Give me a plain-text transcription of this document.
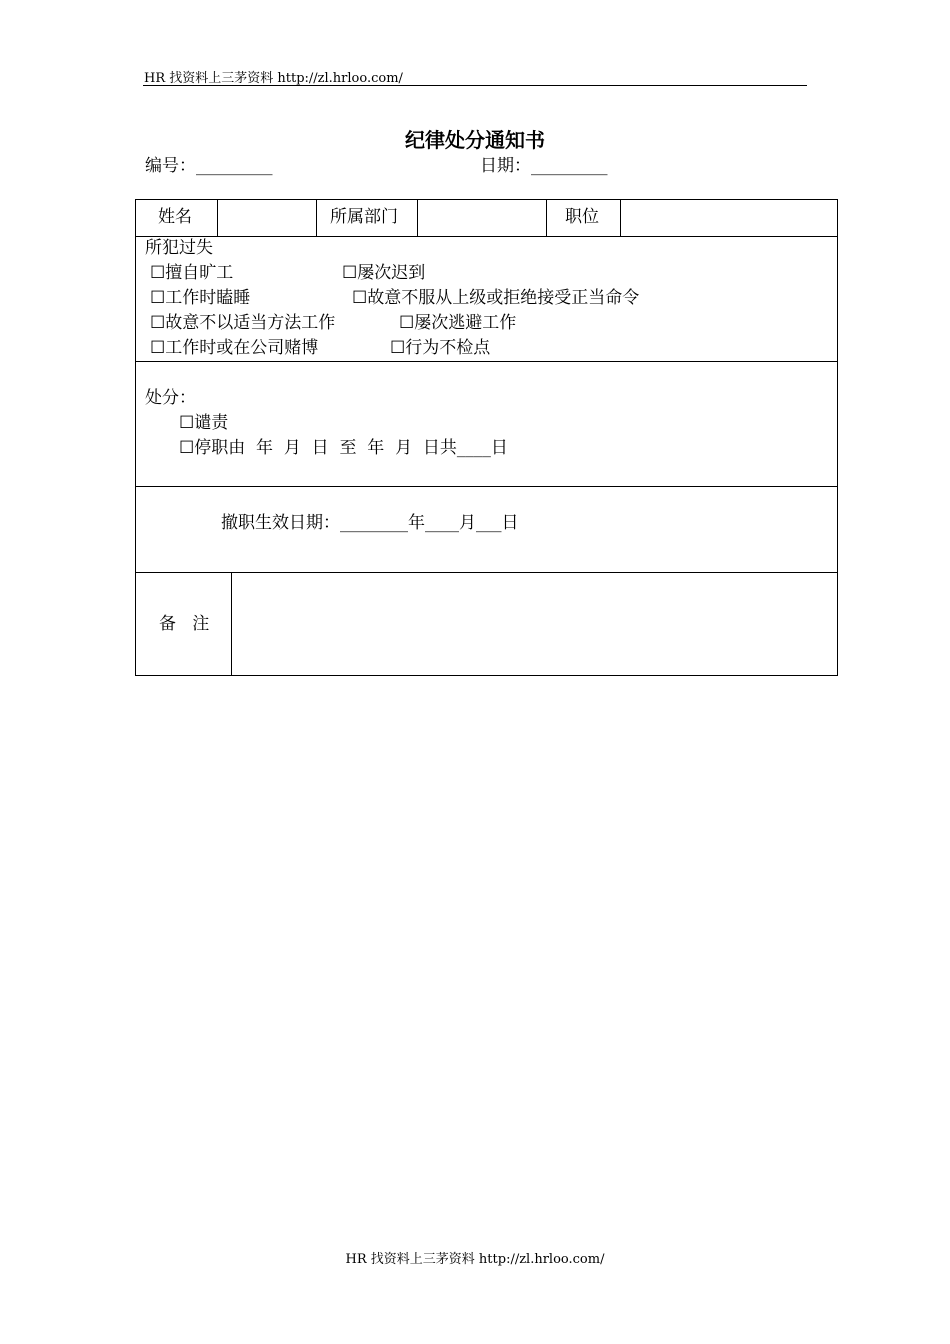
HR 找资料上三茅资料 http://zl.hrloo.com/
纪律处分通知书
编号：_________	日期：_________
姓名	所属部门	职位
所犯过失
☐擅自旷工	☐屡次迟到
☐工作时瞌睡	☐故意不服从上级或拒绝接受正当命令
☐故意不以适当方法工作	☐屡次逃避工作
☐工作时或在公司赌博	☐行为不检点
处分：
☐谴责
☐停职由  年  月  日  至  年  月  日共____日
撤职生效日期：________年____月___日
备   注
HR 找资料上三茅资料 http://zl.hrloo.com/
